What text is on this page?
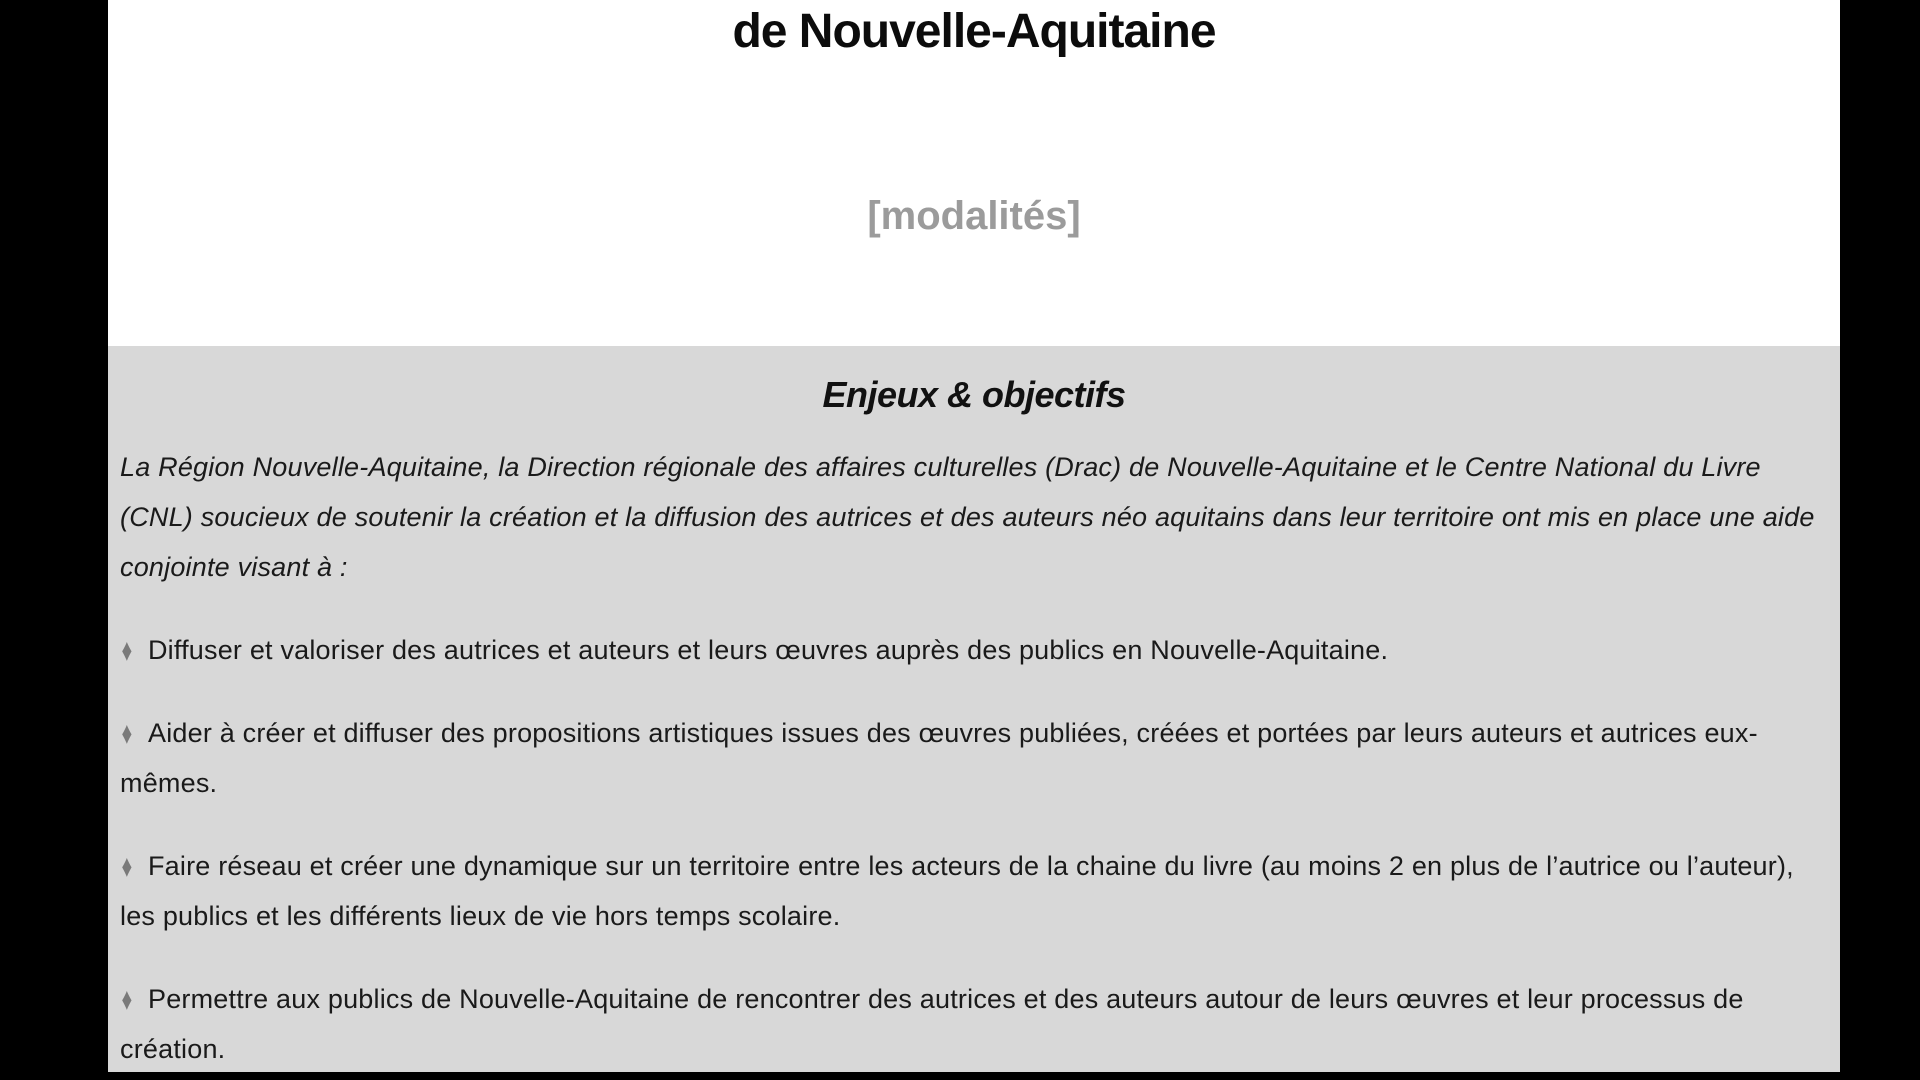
de Nouvelle-Aquitaine
[modalités]
Enjeux & objectifs
La Région Nouvelle-Aquitaine, la Direction régionale des affaires culturelles (Drac) de Nouvelle-Aquitaine et le Centre National du Livre (CNL) soucieux de soutenir la création et la diffusion des autrices et des auteurs néo aquitains dans leur territoire ont mis en place une aide conjointe visant à :
♦ Diffuser et valoriser des autrices et auteurs et leurs œuvres auprès des publics en Nouvelle-Aquitaine.
♦ Aider à créer et diffuser des propositions artistiques issues des œuvres publiées, créées et portées par leurs auteurs et autrices eux-mêmes.
♦ Faire réseau et créer une dynamique sur un territoire entre les acteurs de la chaine du livre (au moins 2 en plus de l’autrice ou l’auteur), les publics et les différents lieux de vie hors temps scolaire.
♦ Permettre aux publics de Nouvelle-Aquitaine de rencontrer des autrices et des auteurs autour de leurs œuvres et leur processus de création.
